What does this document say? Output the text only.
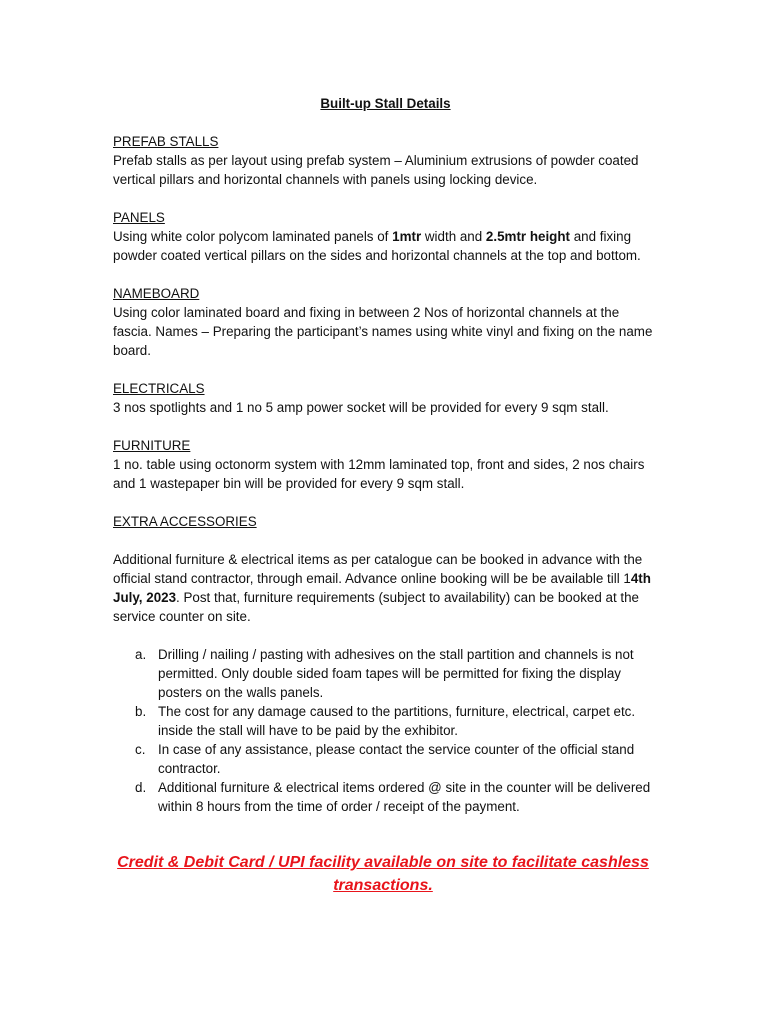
Built-up Stall Details
PREFAB STALLS
Prefab stalls as per layout using prefab system – Aluminium extrusions of powder coated vertical pillars and horizontal channels with panels using locking device.
PANELS
Using white color polycom laminated panels of 1mtr width and 2.5mtr height and fixing powder coated vertical pillars on the sides and horizontal channels at the top and bottom.
NAMEBOARD
Using color laminated board and fixing in between 2 Nos of horizontal channels at the fascia. Names – Preparing the participant’s names using white vinyl and fixing on the name board.
ELECTRICALS
3 nos spotlights and 1 no 5 amp power socket will be provided for every 9 sqm stall.
FURNITURE
1 no. table using octonorm system with 12mm laminated top, front and sides, 2 nos chairs and 1 wastepaper bin will be provided for every 9 sqm stall.
EXTRA ACCESSORIES
Additional furniture & electrical items as per catalogue can be booked in advance with the official stand contractor, through email. Advance online booking will be be available till 14th July, 2023. Post that, furniture requirements (subject to availability) can be booked at the service counter on site.
a. Drilling / nailing / pasting with adhesives on the stall partition and channels is not permitted. Only double sided foam tapes will be permitted for fixing the display posters on the walls panels.
b. The cost for any damage caused to the partitions, furniture, electrical, carpet etc. inside the stall will have to be paid by the exhibitor.
c. In case of any assistance, please contact the service counter of the official stand contractor.
d. Additional furniture & electrical items ordered @ site in the counter will be delivered within 8 hours from the time of order / receipt of the payment.
Credit & Debit Card / UPI facility available on site to facilitate cashless transactions.
